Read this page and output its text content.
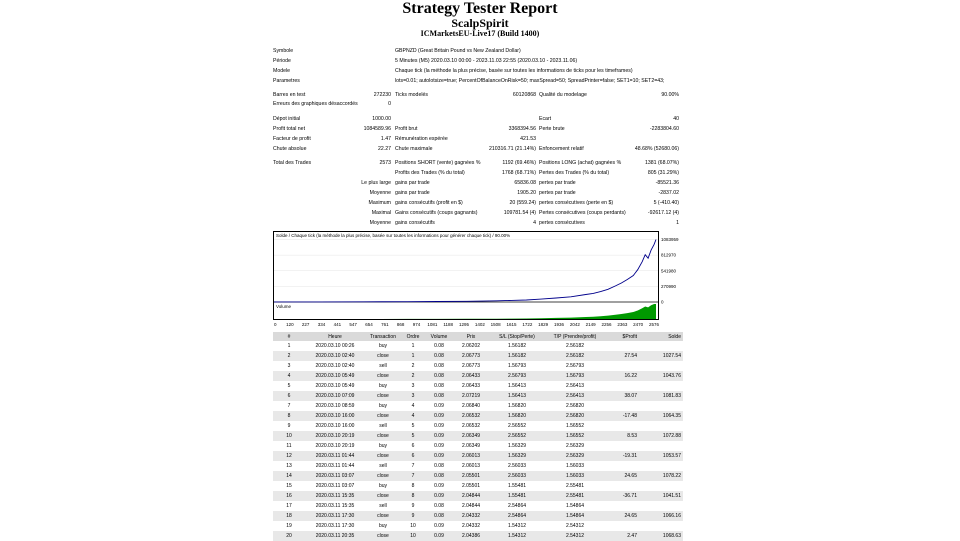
Strategy Tester Report
ScalpSpirit
ICMarketsEU-Live17 (Build 1400)
Symbole	GBPNZD (Great Britain Pound vs New Zealand Dollar)
Période	5 Minutes (M5) 2020.03.10 00:00 - 2023.11.03 22:55 (2020.03.10 - 2023.11.06)
Modele	Chaque tick (la méthode la plus précise, basée sur toutes les informations de ticks pour les timeframes)
Parametres	lots=0.01; autolotsize=true; PercentOfBalanceOnRisk=50; maxSpread=50; SpreadPrinter=false; SET1=10; SET2=43;
Barres en test	272230 Ticks modelés	60120868 Qualité du modelage	90.00%
Erreurs des graphiques désaccordés	0
Dépot initial	1000.00	Ecart	40
Profit total net	1084589.96 Profit brut	3368394.56 Perte brute	-2283804.60
Facteur de profit	1.47 Rémunération espérée	421.53
Chute absolue	22.27 Chute maximale	210316.71 (21.14%) Enfoncement relatif	48.68% (52680.06)
Total des Trades	2573 Positions SHORT (vente) gagnées %	1192 (69.46%) Positions LONG (achat) gagnées %	1381 (68.07%)
Profits des Trades (% du total)	1768 (68.71%) Pertes des Trades (% du total)	805 (31.29%)
Le plus large gains par trade	65836.08 pertes par trade	-85521.36
Moyenne gains par trade	1905.20 pertes par trade	-2837.02
Maximum gains consécutifs (profit en $)	20 (559.24) pertes consécutives (perte en $)	5 (-410.40)
Maximal Gains consécutifs (coups gagnants)	109781.54 (4) Pertes consécutives (coups perdants)	-92617.12 (4)
Moyenne gains consécutifs	4 pertes consécutives	1
Solde / Chaque tick (la méthode la plus précise, basée sur toutes les informations pour générer chaque tick) / 90.00%
Volume
1083959
812970
541980
270990
0
0 120 227 334 441 547 654 761 868 974 1081 1188 1295 1402 1508 1615 1722 1829 1936 2042 2149 2256 2363 2470 2576
#	Heure	Transaction	Ordre	Volume	Prix	S/L (Stop/Perte)	T/P (Prendre/profit)	$Profit	Solde
1	2020.03.10 00:26	buy	1	0.08	2.06202	1.56182	2.56182		
2	2020.03.10 02:40	close	1	0.08	2.06773	1.56182	2.56182	27.54	1027.54
3	2020.03.10 02:40	sell	2	0.08	2.06773	1.56793	2.56793		
4	2020.03.10 05:49	close	2	0.08	2.06433	2.56793	1.56793	16.22	1043.76
5	2020.03.10 05:49	buy	3	0.08	2.06433	1.56413	2.56413		
6	2020.03.10 07:09	close	3	0.08	2.07219	1.56413	2.56413	38.07	1081.83
7	2020.03.10 08:59	buy	4	0.09	2.06840	1.56820	2.56820		
8	2020.03.10 16:00	close	4	0.09	2.06532	1.56820	2.56820	-17.48	1064.35
9	2020.03.10 16:00	sell	5	0.09	2.06532	2.56552	1.56552		
10	2020.03.10 20:19	close	5	0.09	2.06349	2.56552	1.56552	8.53	1072.88
11	2020.03.10 20:19	buy	6	0.09	2.06349	1.56329	2.56329		
12	2020.03.11 01:44	close	6	0.09	2.06013	1.56329	2.56329	-19.31	1053.57
13	2020.03.11 01:44	sell	7	0.08	2.06013	2.56033	1.56033		
14	2020.03.11 03:07	close	7	0.08	2.05501	2.56033	1.56033	24.65	1078.22
15	2020.03.11 03:07	buy	8	0.09	2.05501	1.55481	2.55481		
16	2020.03.11 15:35	close	8	0.09	2.04844	1.55481	2.55481	-36.71	1041.51
17	2020.03.11 15:35	sell	9	0.08	2.04844	2.54864	1.54864		
18	2020.03.11 17:30	close	9	0.08	2.04332	2.54864	1.54864	24.65	1066.16
19	2020.03.11 17:30	buy	10	0.09	2.04332	1.54312	2.54312		
20	2020.03.11 20:35	close	10	0.09	2.04386	1.54312	2.54312	2.47	1068.63
